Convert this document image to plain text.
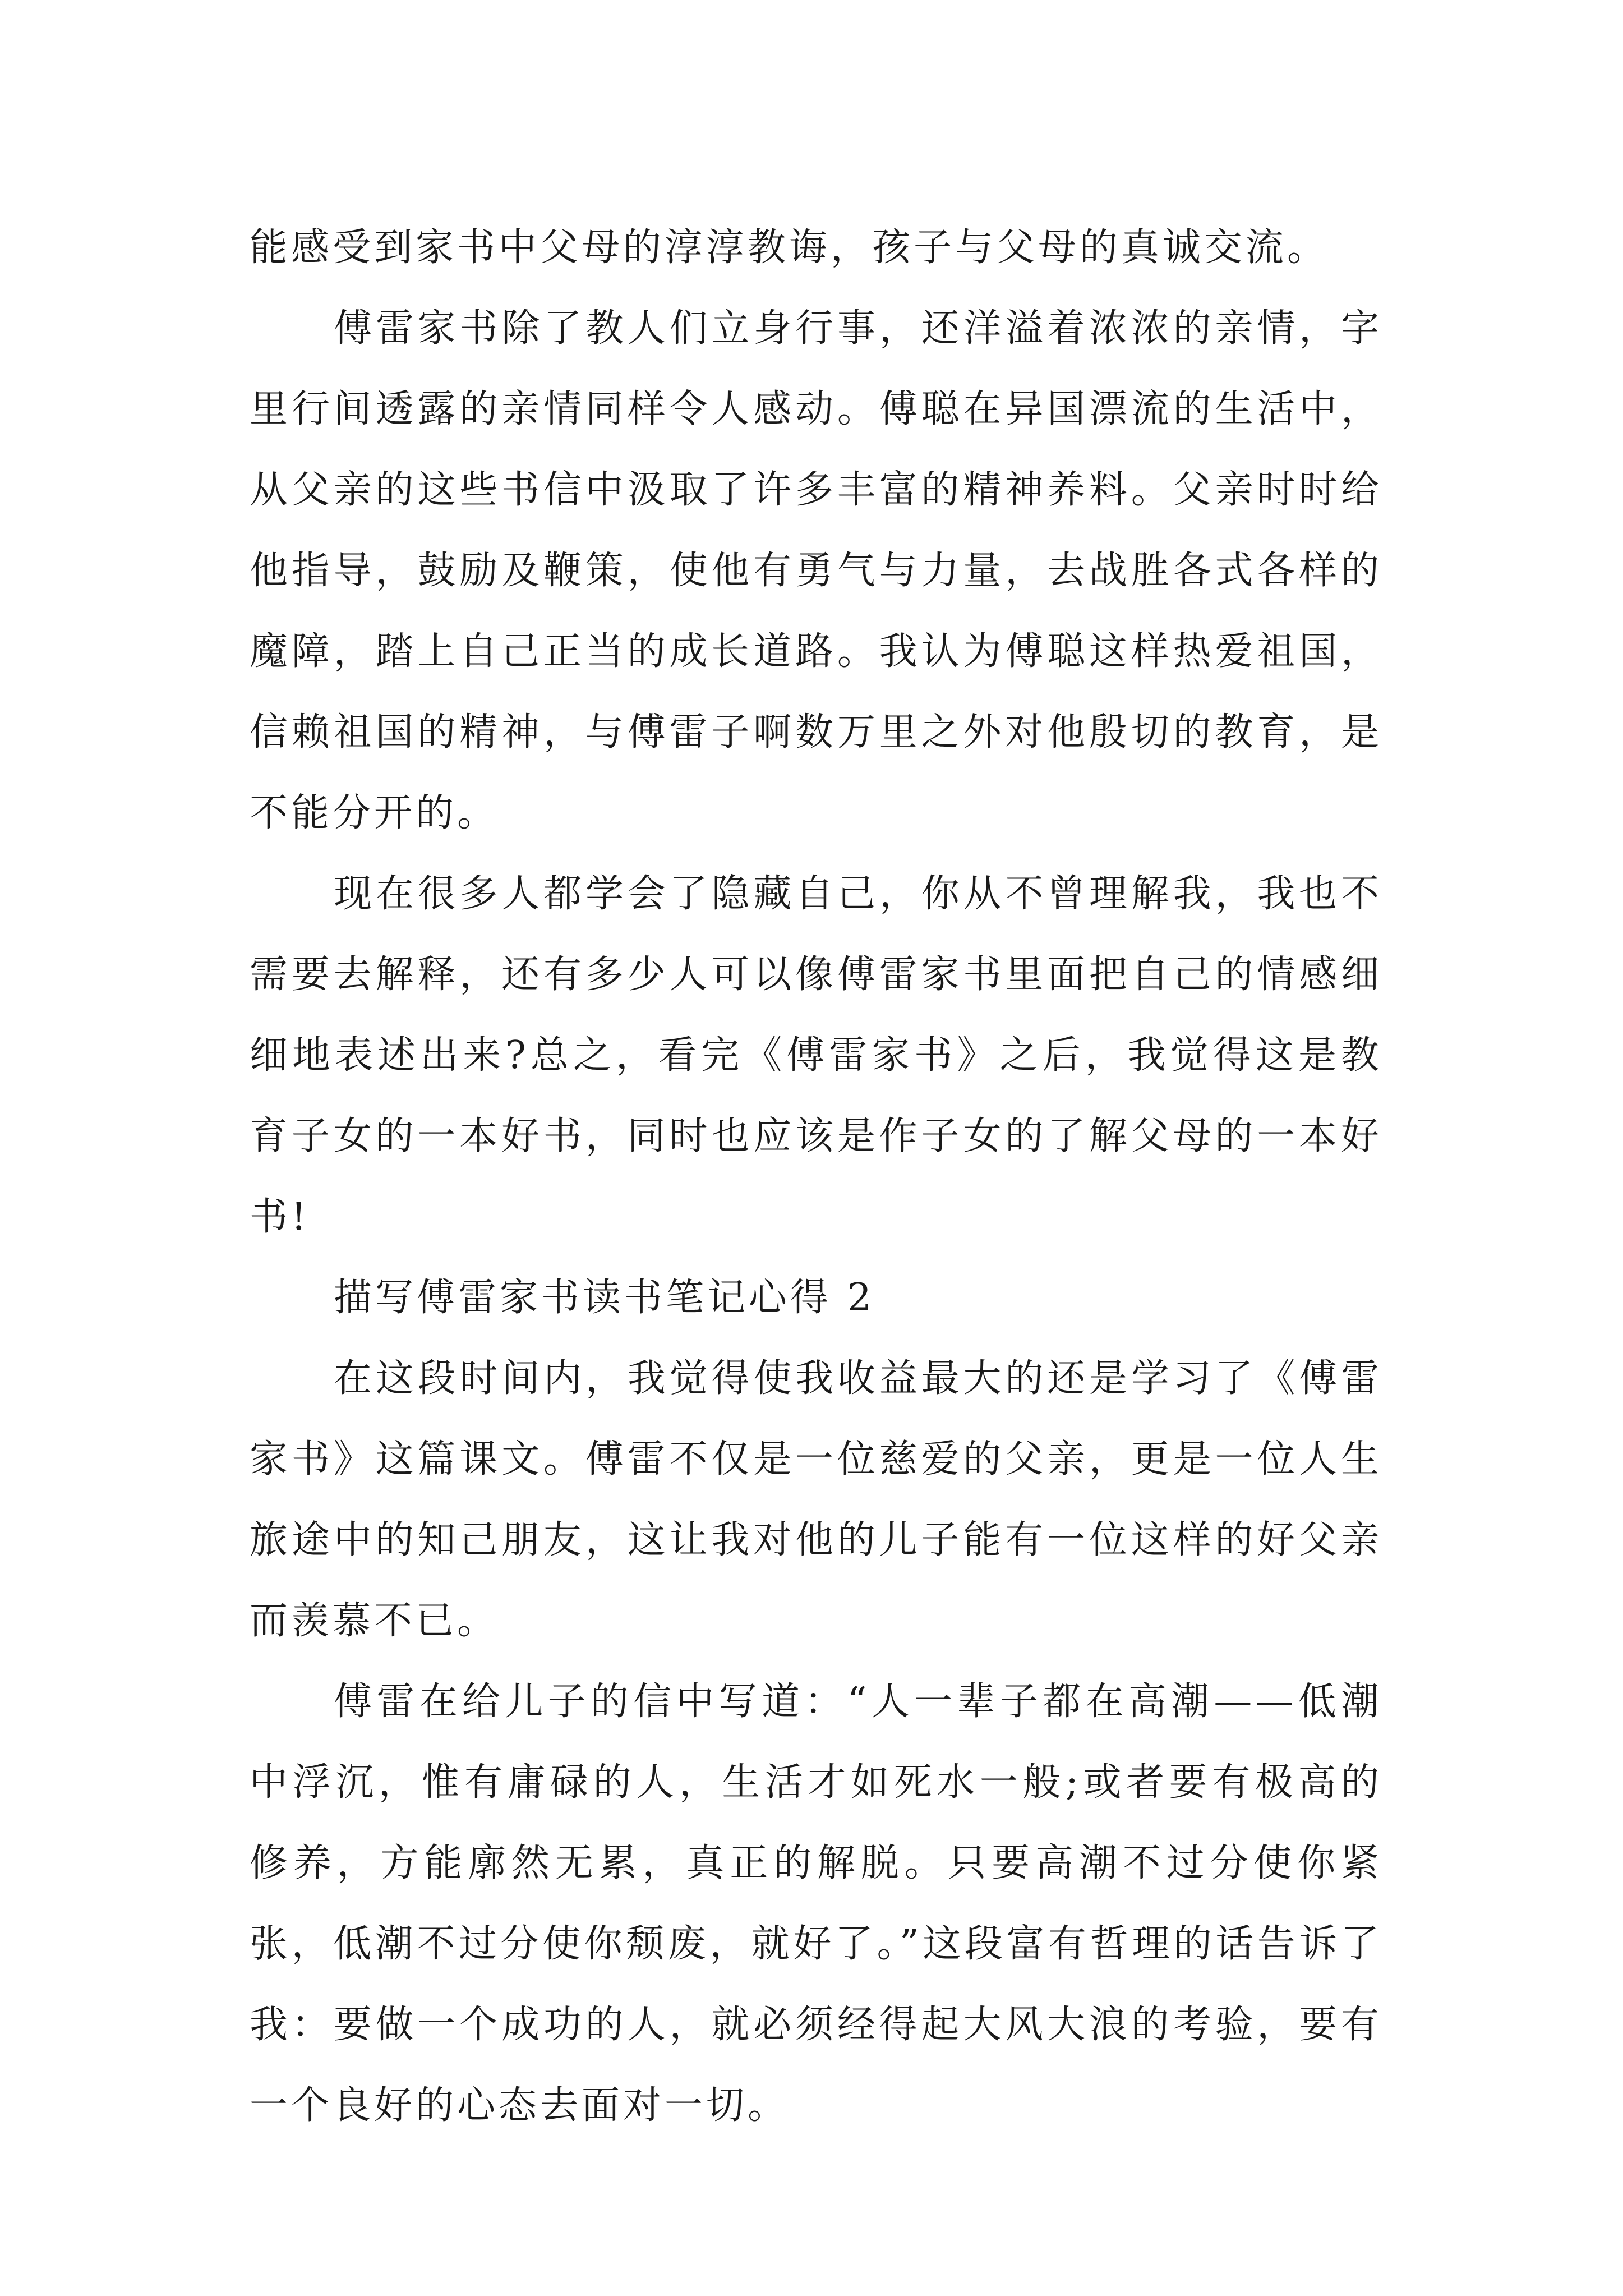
能感受到家书中父母的淳淳教诲，孩子与父母的真诚交流。

傅雷家书除了教人们立身行事，还洋溢着浓浓的亲情，字里行间透露的亲情同样令人感动。傅聪在异国漂流的生活中，从父亲的这些书信中汲取了许多丰富的精神养料。父亲时时给他指导，鼓励及鞭策，使他有勇气与力量，去战胜各式各样的魔障，踏上自己正当的成长道路。我认为傅聪这样热爱祖国，信赖祖国的精神，与傅雷子啊数万里之外对他殷切的教育，是不能分开的。

现在很多人都学会了隐藏自己，你从不曾理解我，我也不需要去解释，还有多少人可以像傅雷家书里面把自己的情感细细地表述出来?总之，看完《傅雷家书》之后，我觉得这是教育子女的一本好书，同时也应该是作子女的了解父母的一本好书!

描写傅雷家书读书笔记心得 2

在这段时间内，我觉得使我收益最大的还是学习了《傅雷家书》这篇课文。傅雷不仅是一位慈爱的父亲，更是一位人生旅途中的知己朋友，这让我对他的儿子能有一位这样的好父亲而羡慕不已。

傅雷在给儿子的信中写道：“人一辈子都在高潮——低潮中浮沉，惟有庸碌的人，生活才如死水一般;或者要有极高的修养，方能廓然无累，真正的解脱。只要高潮不过分使你紧张，低潮不过分使你颓废，就好了。”这段富有哲理的话告诉了我：要做一个成功的人，就必须经得起大风大浪的考验，要有一个良好的心态去面对一切。
